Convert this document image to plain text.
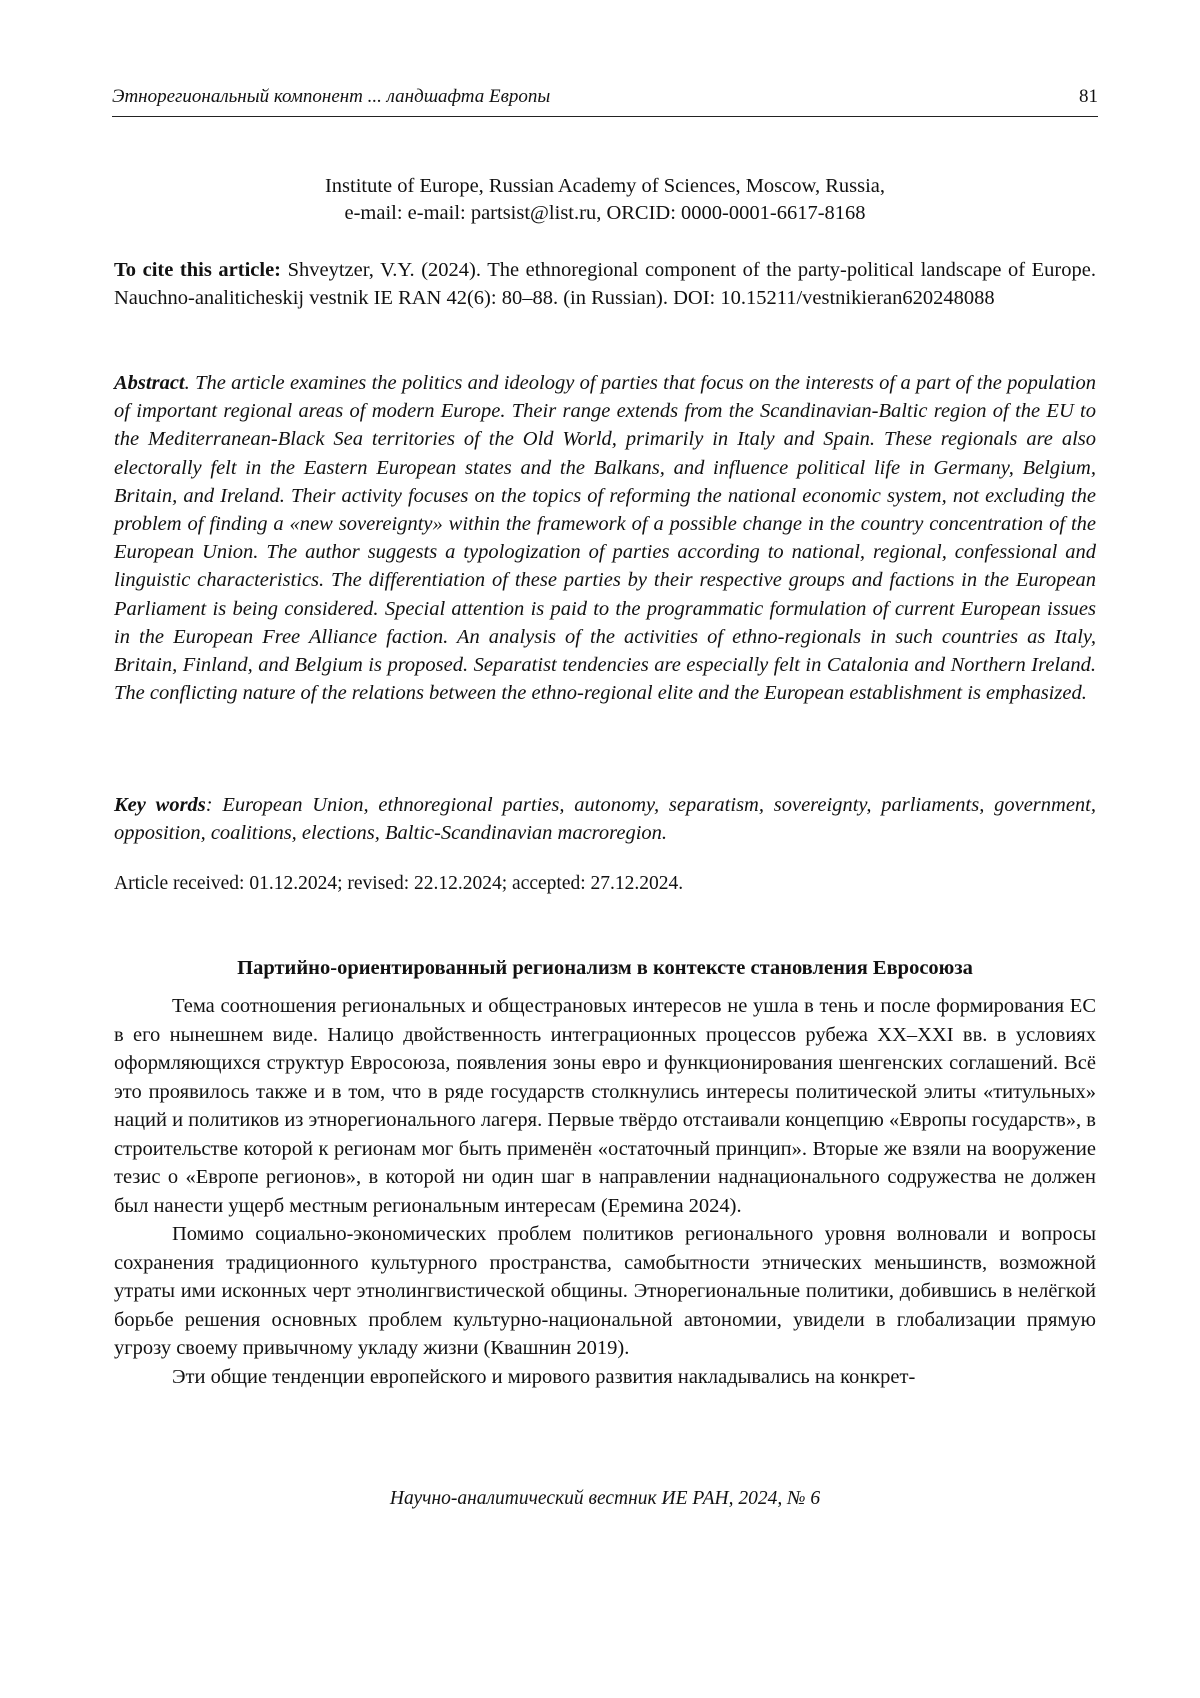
Этнорегиональный компонент ... ландшафта Европы	81
Institute of Europe, Russian Academy of Sciences, Moscow, Russia,
e-mail: e-mail: partsist@list.ru, ORCID: 0000-0001-6617-8168
To cite this article: Shveytzer, V.Y. (2024). The ethnoregional component of the party-political landscape of Europe. Nauchno-analiticheskij vestnik IE RAN 42(6): 80–88. (in Russian). DOI: 10.15211/vestnikieran620248088
Abstract. The article examines the politics and ideology of parties that focus on the interests of a part of the population of important regional areas of modern Europe. Their range extends from the Scandinavian-Baltic region of the EU to the Mediterranean-Black Sea territories of the Old World, primarily in Italy and Spain. These regionals are also electorally felt in the Eastern European states and the Balkans, and influence political life in Germany, Belgium, Britain, and Ireland. Their activity focuses on the topics of reforming the national economic system, not excluding the problem of finding a «new sovereignty» within the framework of a possible change in the country concentration of the European Union. The author suggests a typologization of parties according to national, regional, confessional and linguistic characteristics. The differentiation of these parties by their respective groups and factions in the European Parliament is being considered. Special attention is paid to the programmatic formulation of current European issues in the European Free Alliance faction. An analysis of the activities of ethno-regionals in such countries as Italy, Britain, Finland, and Belgium is proposed. Separatist tendencies are especially felt in Catalonia and Northern Ireland. The conflicting nature of the relations between the ethno-regional elite and the European establishment is emphasized.
Key words: European Union, ethnoregional parties, autonomy, separatism, sovereignty, parliaments, government, opposition, coalitions, elections, Baltic-Scandinavian macroregion.
Article received: 01.12.2024; revised: 22.12.2024; accepted: 27.12.2024.
Партийно-ориентированный регионализм в контексте становления Евросоюза

Тема соотношения региональных и общестрановых интересов не ушла в тень и после формирования ЕС в его нынешнем виде. Налицо двойственность интеграционных процессов рубежа XX–XXI вв. в условиях оформляющихся структур Евросоюза, появления зоны евро и функционирования шенгенских соглашений. Всё это проявилось также и в том, что в ряде государств столкнулись интересы политической элиты «титульных» наций и политиков из этнорегионального лагеря. Первые твёрдо отстаивали концепцию «Европы государств», в строительстве которой к регионам мог быть применён «остаточный принцип». Вторые же взяли на вооружение тезис о «Европе регионов», в которой ни один шаг в направлении наднационального содружества не должен был нанести ущерб местным региональным интересам (Еремина 2024).

Помимо социально-экономических проблем политиков регионального уровня волновали и вопросы сохранения традиционного культурного пространства, самобытности этнических меньшинств, возможной утраты ими исконных черт этнолингвистической общины. Этнорегиональные политики, добившись в нелёгкой борьбе решения основных проблем культурно-национальной автономии, увидели в глобализации прямую угрозу своему привычному укладу жизни (Квашнин 2019).

Эти общие тенденции европейского и мирового развития накладывались на конкрет-

Научно-аналитический вестник ИЕ РАН, 2024, № 6
